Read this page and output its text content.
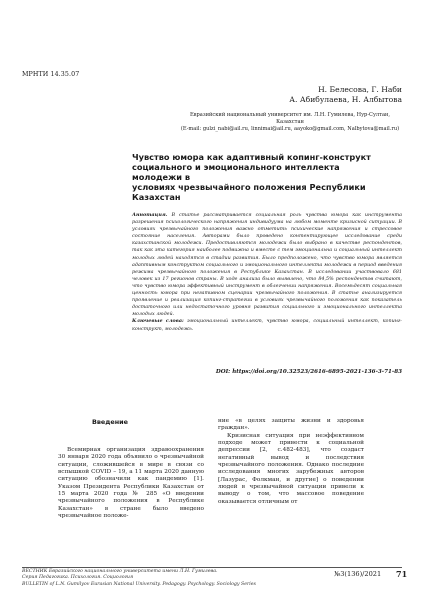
МРНТИ 14.35.07
Н. Белесова, Г. Наби
А. Абибулаева, Н. Албытова
Евразийский национальный университет им. Л.Н. Гумилева, Нур-Султан, Казахстан
(E-mail: gulzi_nabi@ail.ru, linnimai@ail.ru, aayoko@gmail.com, Nalbytova@mail.ru)
Чувство юмора как адаптивный копинг-конструкт
социального и эмоционального интеллекта молодежи в
условиях чрезвычайного положения Республики
Казахстан
Аннотация. В статье рассматривается социальная роль чувства юмора как инструмента разрешения психологического напряжения индивидуума на любом моменте кризисной ситуации. В условиях чрезвычайного положения важно отметить психические напряжения и стрессовое состояние населения. Авторами было проведено контентирующее исследование среди казахстанской молодежи. Предоставляются молодежи было выбрано в качестве респондентов, так как эта категория наиболее подвижна и вместе с тем эмоциональна и социальный интеллект молодых людей находятся в стадии развития. Было предположено, что чувство юмора является адаптивным конструктом социального и эмоционального интеллекта молодежи в период введения режима чрезвычайного положения в Республике Казахстан. В исследовании участвовало 681 человек из 17 регионов страны. В ходе анализа было выявлено, что 84,5% респондентов считают, что чувство юмора эффективный инструмент в облегчении напряжения. Восемьдесят социальная ценность юмора при негативном сценарии чрезвычайного положения. В статье анализируется проявление и реализация копинг-стратегии в условиях чрезвычайного положения как показатель достаточного или недостаточного уровня развития социального и эмоционального интеллекта молодых людей.
Ключевые слова: эмоциональный интеллект, чувство юмора, социальный интеллект, копинг-конструкт, молодежь.
DOI: https://doi.org/10.32523/2616-6895-2021-136-3-71-83
Введение

Всемирная организация здравоохранения 30 января 2020 года объявило о чрезвычайной ситуации, сложившейся в мире в связи со вспышкой COVID – 19, а 11 марта 2020 данную ситуацию обозначили как пандемию [1]. Указом Президента Республики Казахстан от 15 марта 2020 года № 285 «О введении чрезвычайного положения в Республике Казахстан» в стране было введено чрезвычайное положе-

ние «в целях защиты жизни и здоровья граждан».

Кризисная ситуация при неэффективном подходе может привести к социальной депрессии [2, с.482-483], что создаст негативный вывод и последствия чрезвычайного положения. Однако последние исследования многих зарубежных авторов [Лазурас, Фолкман, и другие] о поведении людей в чрезвычайной ситуации привели к выводу о том, что массовое поведение оказывается отличным от

ВЕСТНИК Евразийского национального университета имени Л.Н. Гумилева.
Серия Педагогика. Психология. Социология
BULLETIN of L.N. Gumilyov Eurasian National University. Pedagogy. Psychology. Sociology Series
№3(136)/2021 71
